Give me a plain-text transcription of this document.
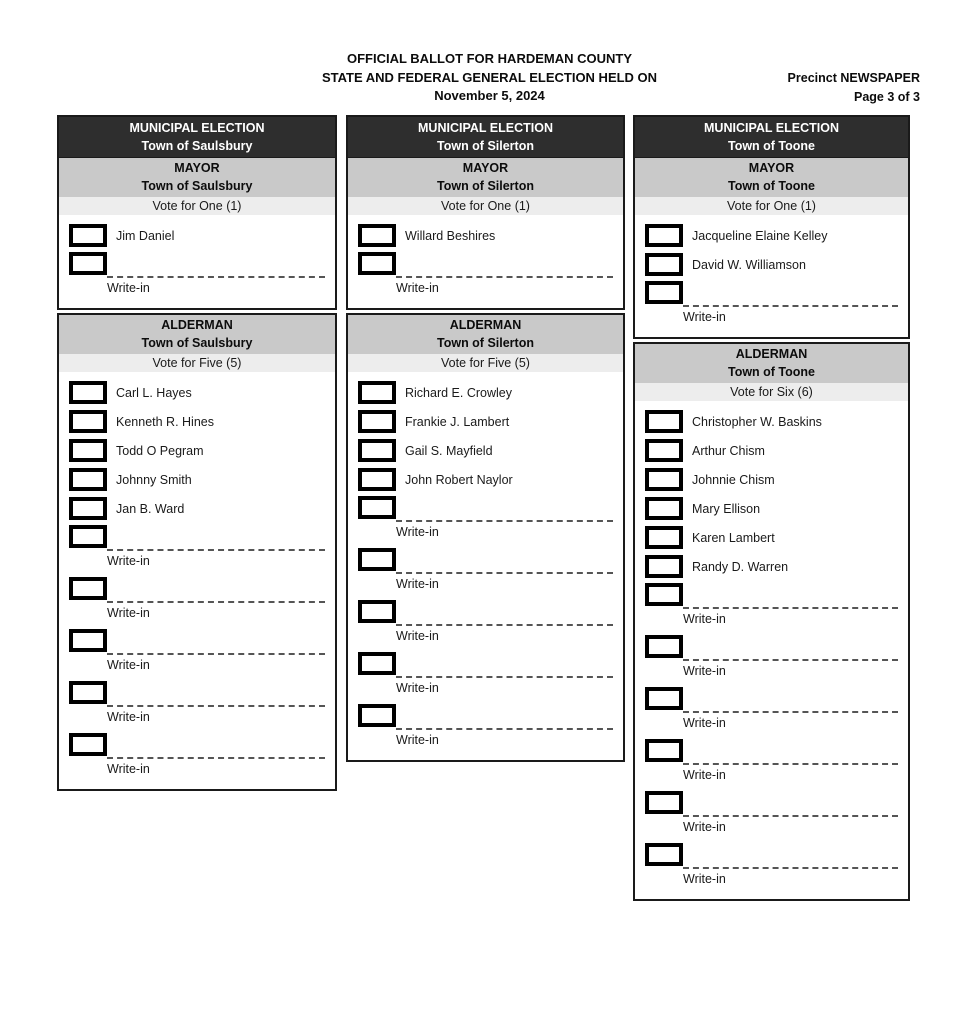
OFFICIAL BALLOT FOR HARDEMAN COUNTY
STATE AND FEDERAL GENERAL ELECTION HELD ON
November 5, 2024
Precinct NEWSPAPER
Page 3 of 3
MUNICIPAL ELECTION
Town of Saulsbury
MAYOR
Town of Saulsbury
Vote for One (1)
Jim Daniel
Write-in
ALDERMAN
Town of Saulsbury
Vote for Five (5)
Carl L. Hayes
Kenneth R. Hines
Todd O Pegram
Johnny Smith
Jan B. Ward
Write-in
Write-in
Write-in
Write-in
Write-in
MUNICIPAL ELECTION
Town of Silerton
MAYOR
Town of Silerton
Vote for One (1)
Willard Beshires
Write-in
ALDERMAN
Town of Silerton
Vote for Five (5)
Richard E. Crowley
Frankie J. Lambert
Gail S. Mayfield
John Robert Naylor
Write-in
Write-in
Write-in
Write-in
Write-in
MUNICIPAL ELECTION
Town of Toone
MAYOR
Town of Toone
Vote for One (1)
Jacqueline Elaine Kelley
David W. Williamson
Write-in
ALDERMAN
Town of Toone
Vote for Six (6)
Christopher W. Baskins
Arthur Chism
Johnnie Chism
Mary Ellison
Karen Lambert
Randy D. Warren
Write-in
Write-in
Write-in
Write-in
Write-in
Write-in
